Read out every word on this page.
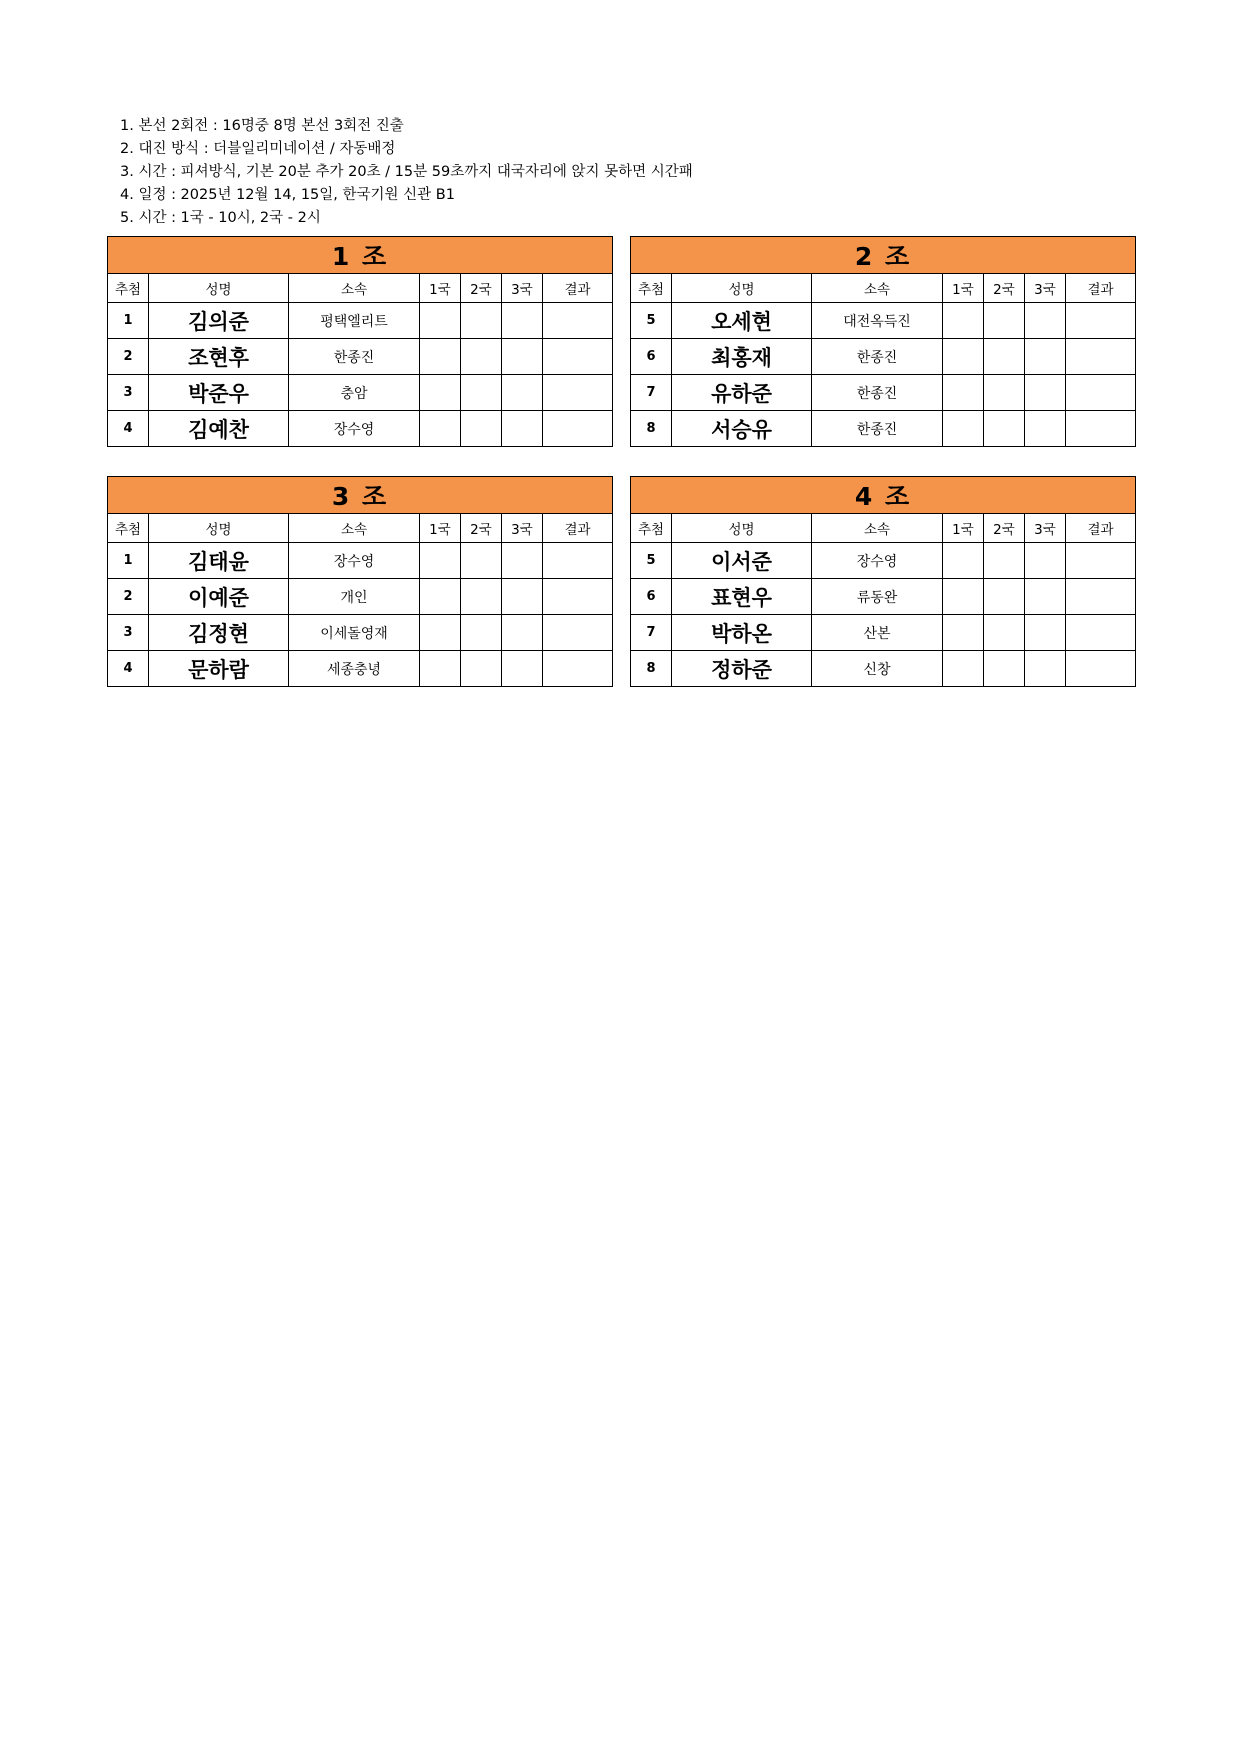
1. 본선 2회전 : 16명중 8명 본선 3회전 진출
2. 대진 방식 : 더블일리미네이션 / 자동배정
3. 시간 : 피셔방식, 기본 20분 추가 20초 / 15분 59초까지 대국자리에 앉지 못하면 시간패
4. 일정 : 2025년 12월 14, 15일, 한국기원 신관 B1
5. 시간 : 1국 - 10시, 2국 - 2시
1 조						
추첨	성명	소속	1국	2국	3국	결과
1	김의준	평택엘리트				
2	조현후	한종진				
3	박준우	충암				
4	김예찬	장수영				
2 조						
추첨	성명	소속	1국	2국	3국	결과
5	오세현	대전옥득진				
6	최홍재	한종진				
7	유하준	한종진				
8	서승유	한종진				
3 조						
추첨	성명	소속	1국	2국	3국	결과
1	김태윤	장수영				
2	이예준	개인				
3	김정현	이세돌영재				
4	문하람	세종충녕				
4 조						
추첨	성명	소속	1국	2국	3국	결과
5	이서준	장수영				
6	표현우	류동완				
7	박하온	산본				
8	정하준	신창				
